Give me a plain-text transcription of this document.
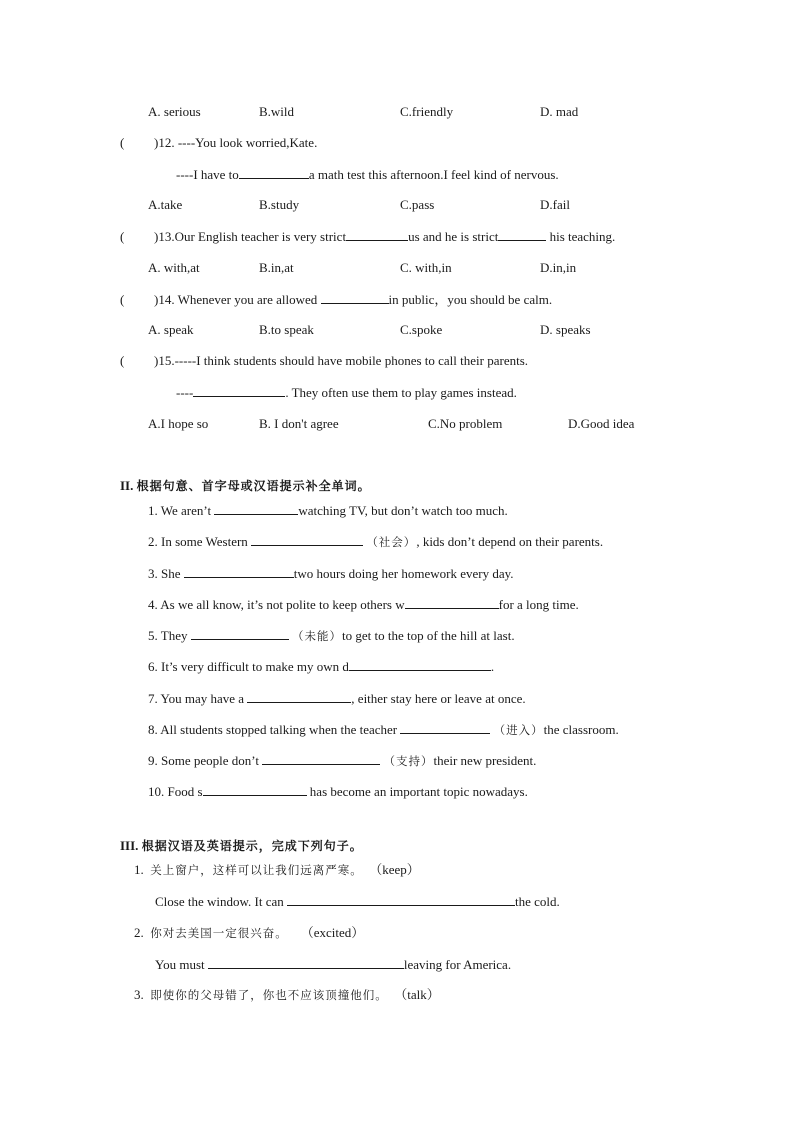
A. serious	B.wild	C.friendly	D. mad
( )12. ----You look worried,Kate.
----I have to	a math test this afternoon.I feel kind of nervous.
A.take	B.study	C.pass	D.fail
( )13.Our English teacher is very strict	us and he is strict	his teaching.
A. with,at	B.in,at	C. with,in	D.in,in
( )14. Whenever you are allowed	in public，you should be calm.
A. speak	B.to speak	C.spoke	D. speaks
( )15.-----I think students should have mobile phones to call their parents.
----	. They often use them to play games instead.
A.I hope so	B. I don't agree	C.No problem	D.Good idea
II. 根据句意、首字母或汉语提示补全单词。
1. We aren’t	watching TV, but don’t watch too much.
2. In some Western	（社会）, kids don’t depend on their parents.
3. She	two hours doing her homework every day.
4. As we all know, it’s not polite to keep others w	for a long time.
5. They	（未能）to get to the top of the hill at last.
6. It’s very difficult to make my own d	.
7. You may have a	, either stay here or leave at once.
8. All students stopped talking when the teacher	（进入）the classroom.
9. Some people don’t	（支持）their new president.
10. Food s	has become an important topic nowadays.
III. 根据汉语及英语提示，完成下列句子。
1. 关上窗户，这样可以让我们远离严寒。 （keep）
Close the window. It can	the cold.
2. 你对去美国一定很兴奋。 （excited）
You must	leaving for America.
3. 即使你的父母错了，你也不应该顶撞他们。 （talk）
